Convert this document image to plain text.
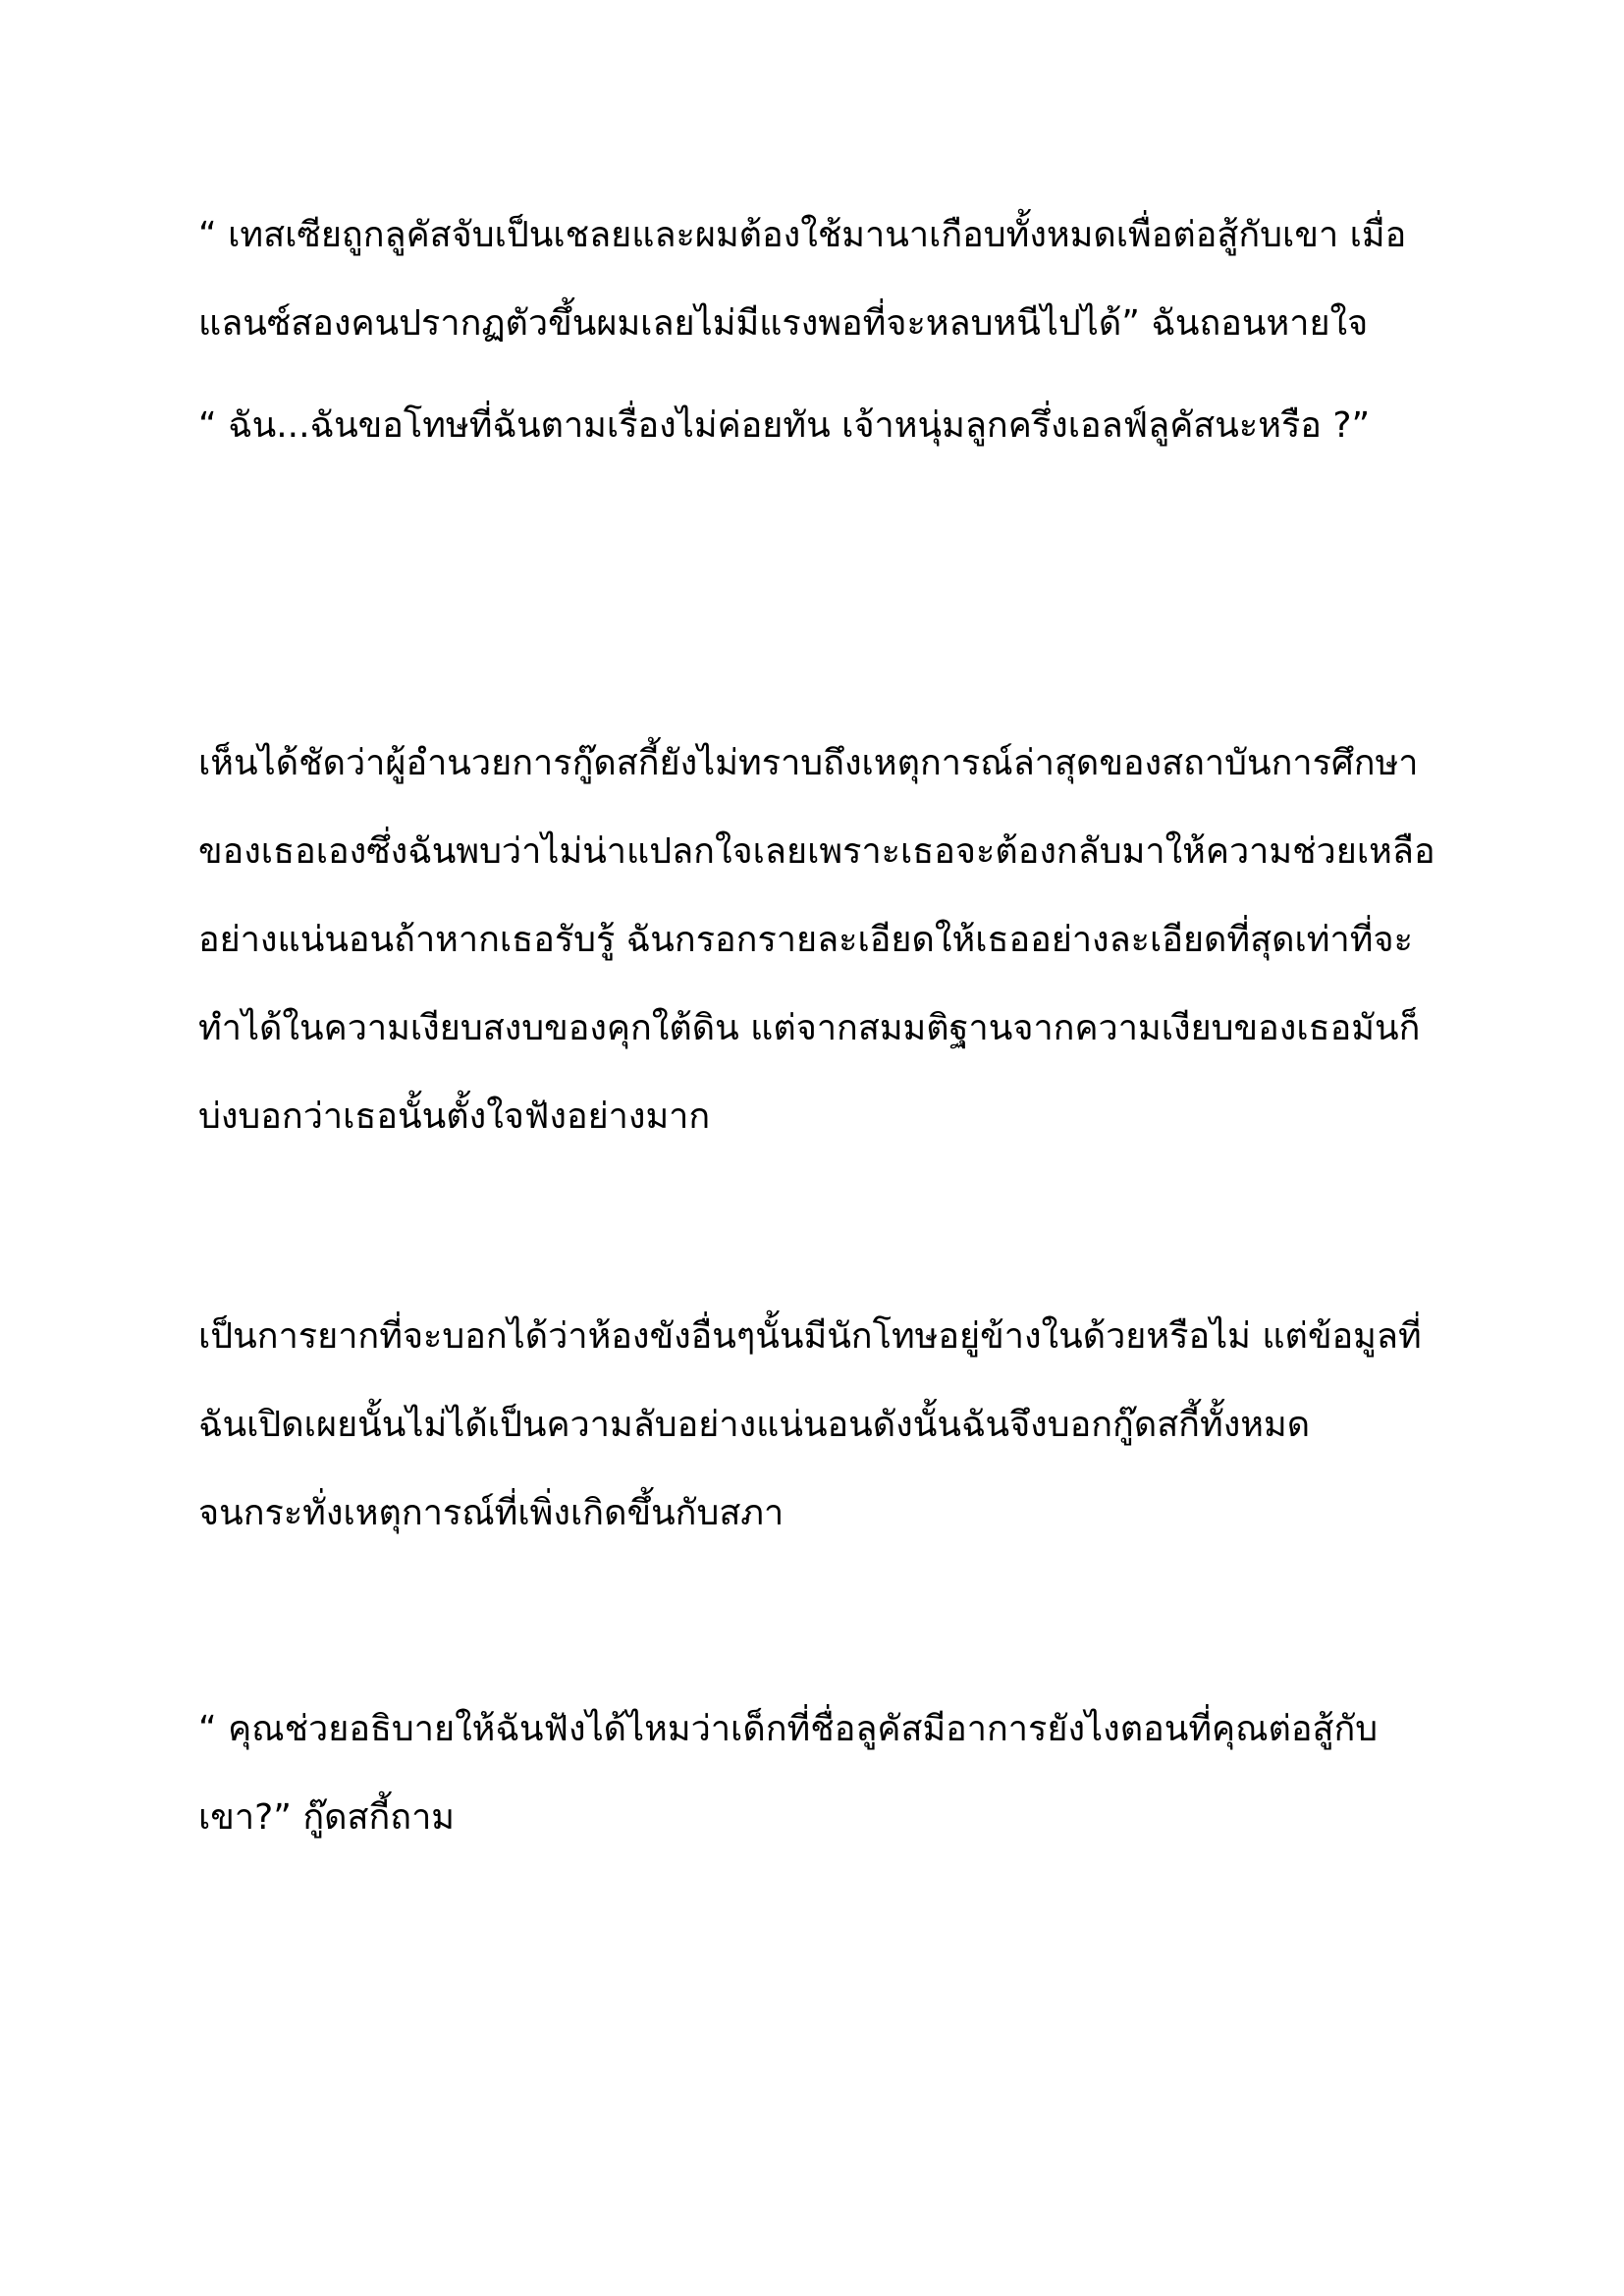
“ เทสเซียถูกลูคัสจับเป็นเชลยและผมต้องใช้มานาเกือบทั้งหมดเพื่อต่อสู้กับเขา เมื่อ
แลนซ์สองคนปรากฏตัวขึ้นผมเลยไม่มีแรงพอที่จะหลบหนีไปได้” ฉันถอนหายใจ
“ ฉัน...ฉันขอโทษที่ฉันตามเรื่องไม่ค่อยทัน เจ้าหนุ่มลูกครึ่งเอลฟ์ลูคัสนะหรือ ?”
เห็นได้ชัดว่าผู้อำนวยการกู๊ดสกี้ยังไม่ทราบถึงเหตุการณ์ล่าสุดของสถาบันการศึกษา
ของเธอเองซึ่งฉันพบว่าไม่น่าแปลกใจเลยเพราะเธอจะต้องกลับมาให้ความช่วยเหลือ
อย่างแน่นอนถ้าหากเธอรับรู้ ฉันกรอกรายละเอียดให้เธออย่างละเอียดที่สุดเท่าที่จะ
ทำได้ในความเงียบสงบของคุกใต้ดิน แต่จากสมมติฐานจากความเงียบของเธอมันก็
บ่งบอกว่าเธอนั้นตั้งใจฟังอย่างมาก
เป็นการยากที่จะบอกได้ว่าห้องขังอื่นๆนั้นมีนักโทษอยู่ข้างในด้วยหรือไม่ แต่ข้อมูลที่
ฉันเปิดเผยนั้นไม่ได้เป็นความลับอย่างแน่นอนดังนั้นฉันจึงบอกกู๊ดสกี้ทั้งหมด
จนกระทั่งเหตุการณ์ที่เพิ่งเกิดขึ้นกับสภา
“ คุณช่วยอธิบายให้ฉันฟังได้ไหมว่าเด็กที่ชื่อลูคัสมีอาการยังไงตอนที่คุณต่อสู้กับ
เขา?” กู๊ดสกี้ถาม
